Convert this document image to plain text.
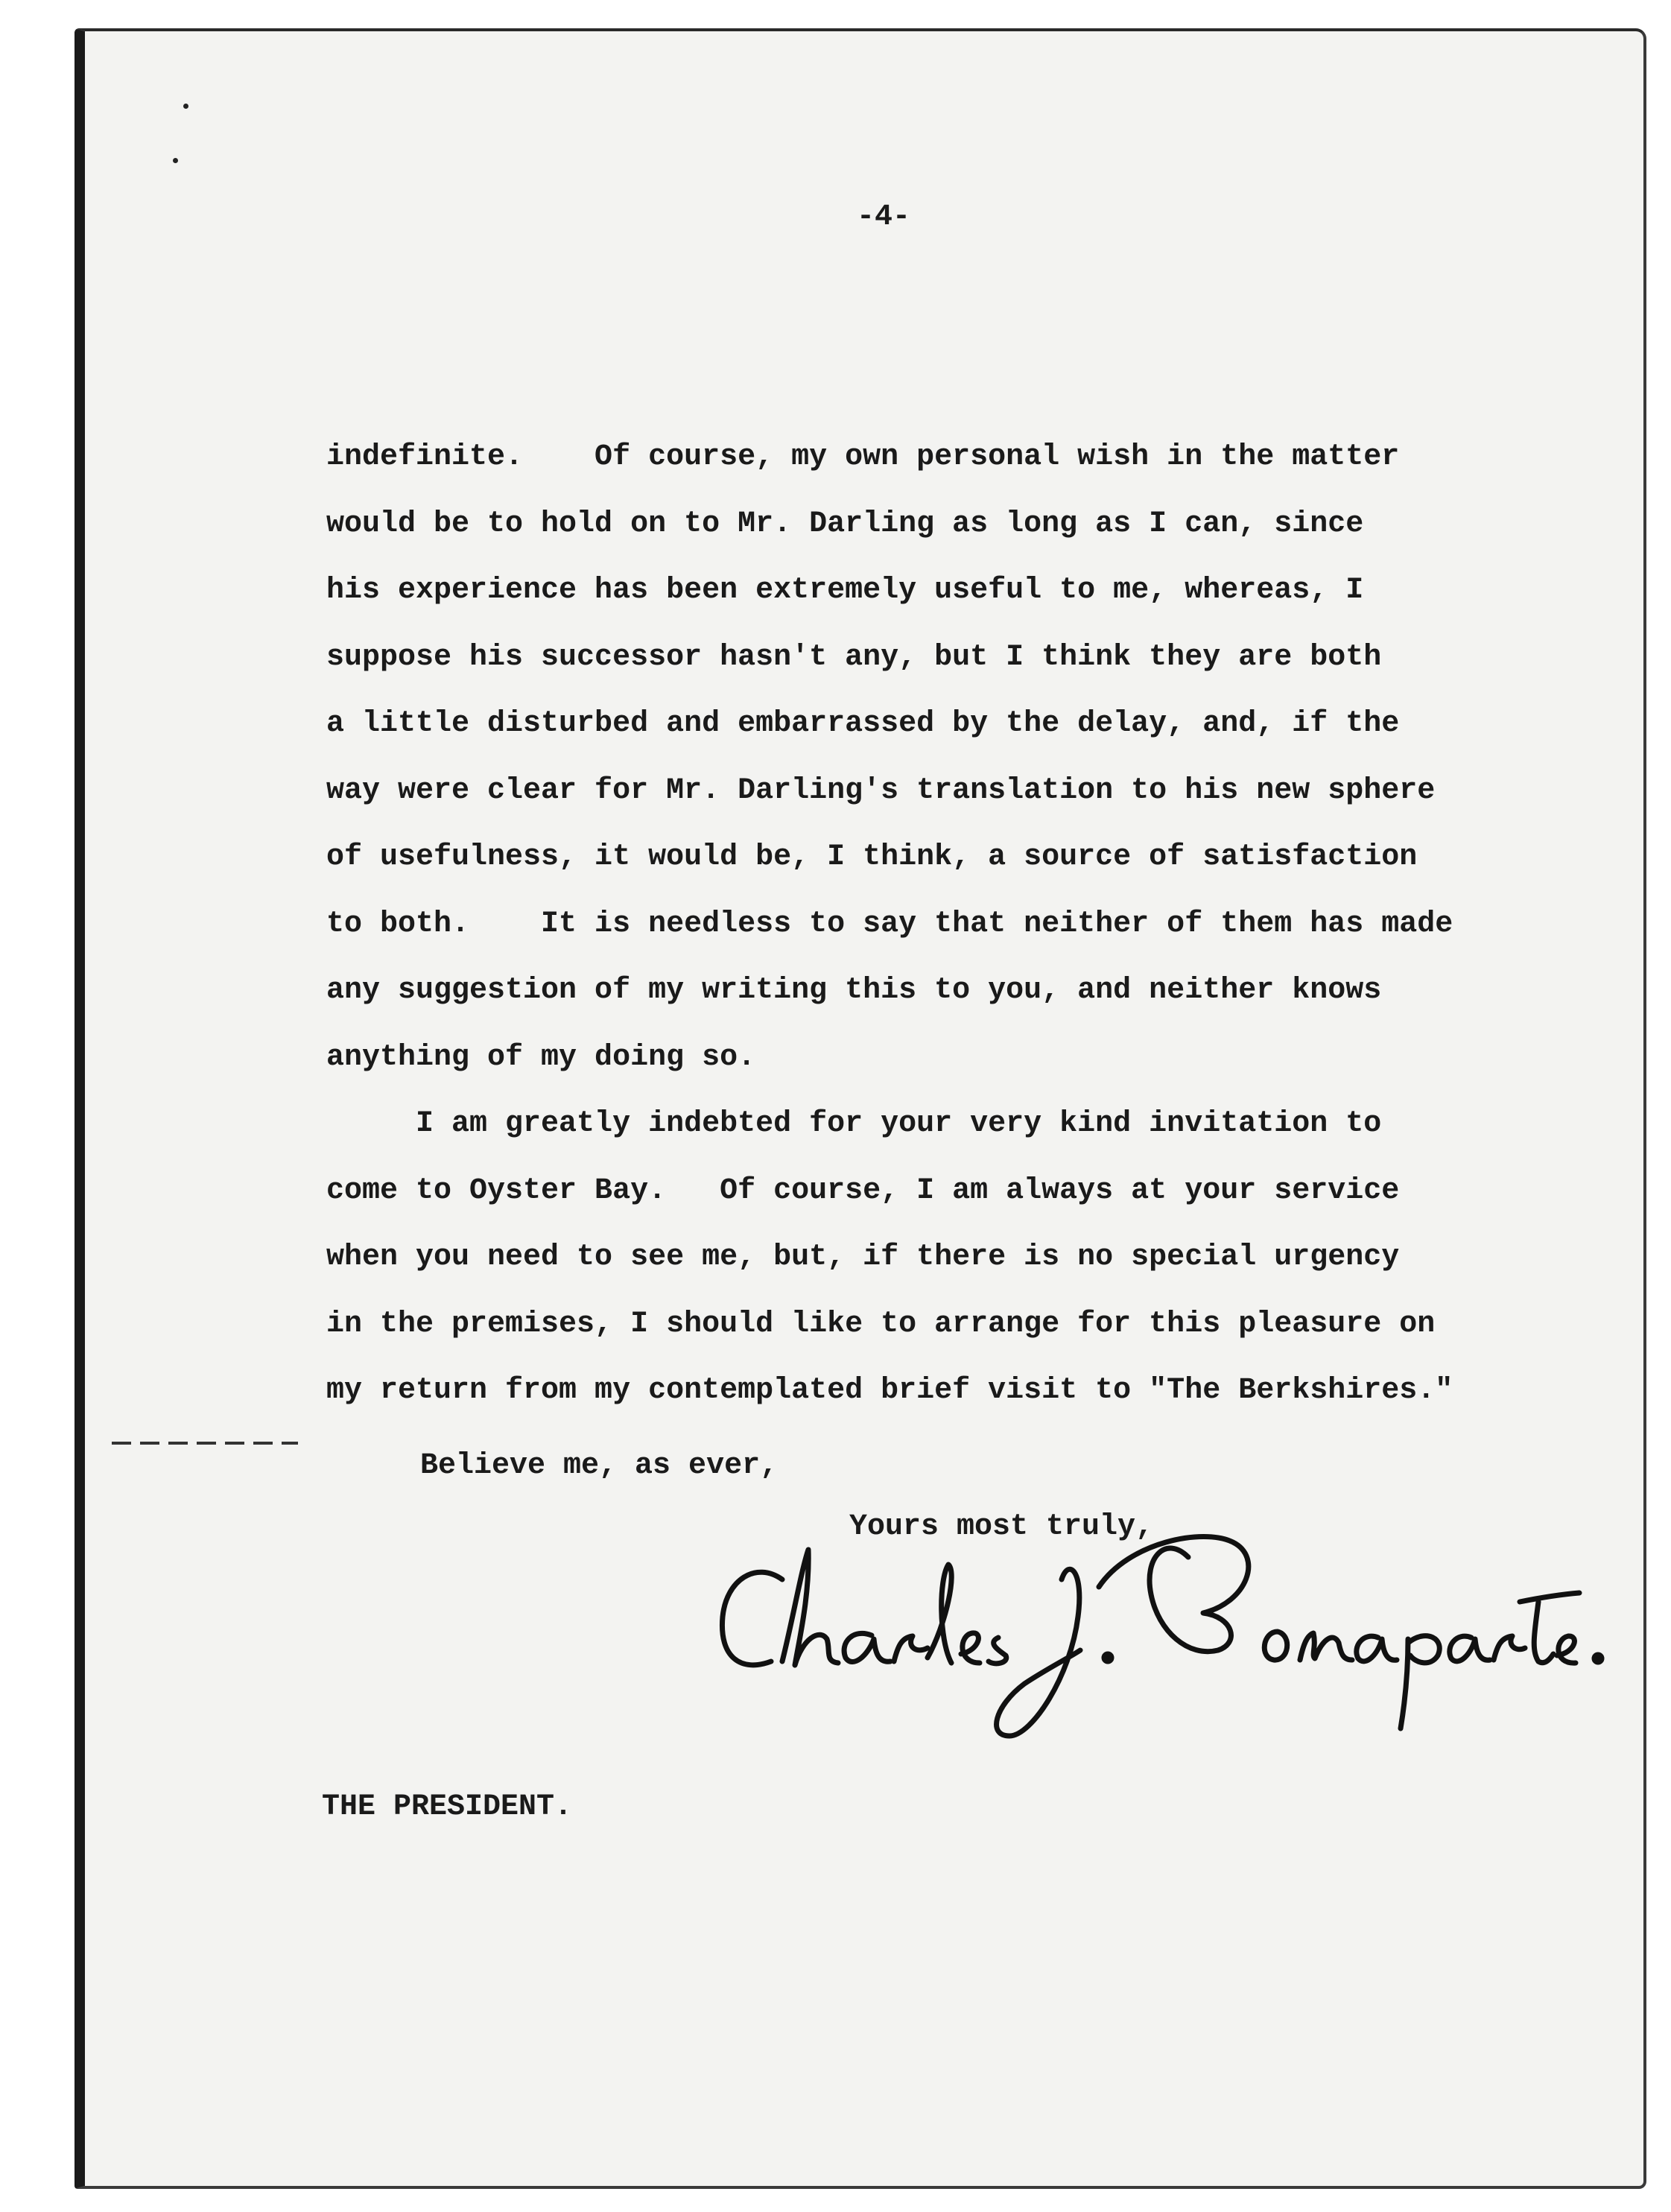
-4-
indefinite.    Of course, my own personal wish in the matter
would be to hold on to Mr. Darling as long as I can, since
his experience has been extremely useful to me, whereas, I
suppose his successor hasn't any, but I think they are both
a little disturbed and embarrassed by the delay, and, if the
way were clear for Mr. Darling's translation to his new sphere
of usefulness, it would be, I think, a source of satisfaction
to both.    It is needless to say that neither of them has made
any suggestion of my writing this to you, and neither knows
anything of my doing so.
I am greatly indebted for your very kind invitation to
come to Oyster Bay.   Of course, I am always at your service
when you need to see me, but, if there is no special urgency
in the premises, I should like to arrange for this pleasure on
my return from my contemplated brief visit to "The Berkshires."
Believe me, as ever,
Yours most truly,
THE PRESIDENT.
